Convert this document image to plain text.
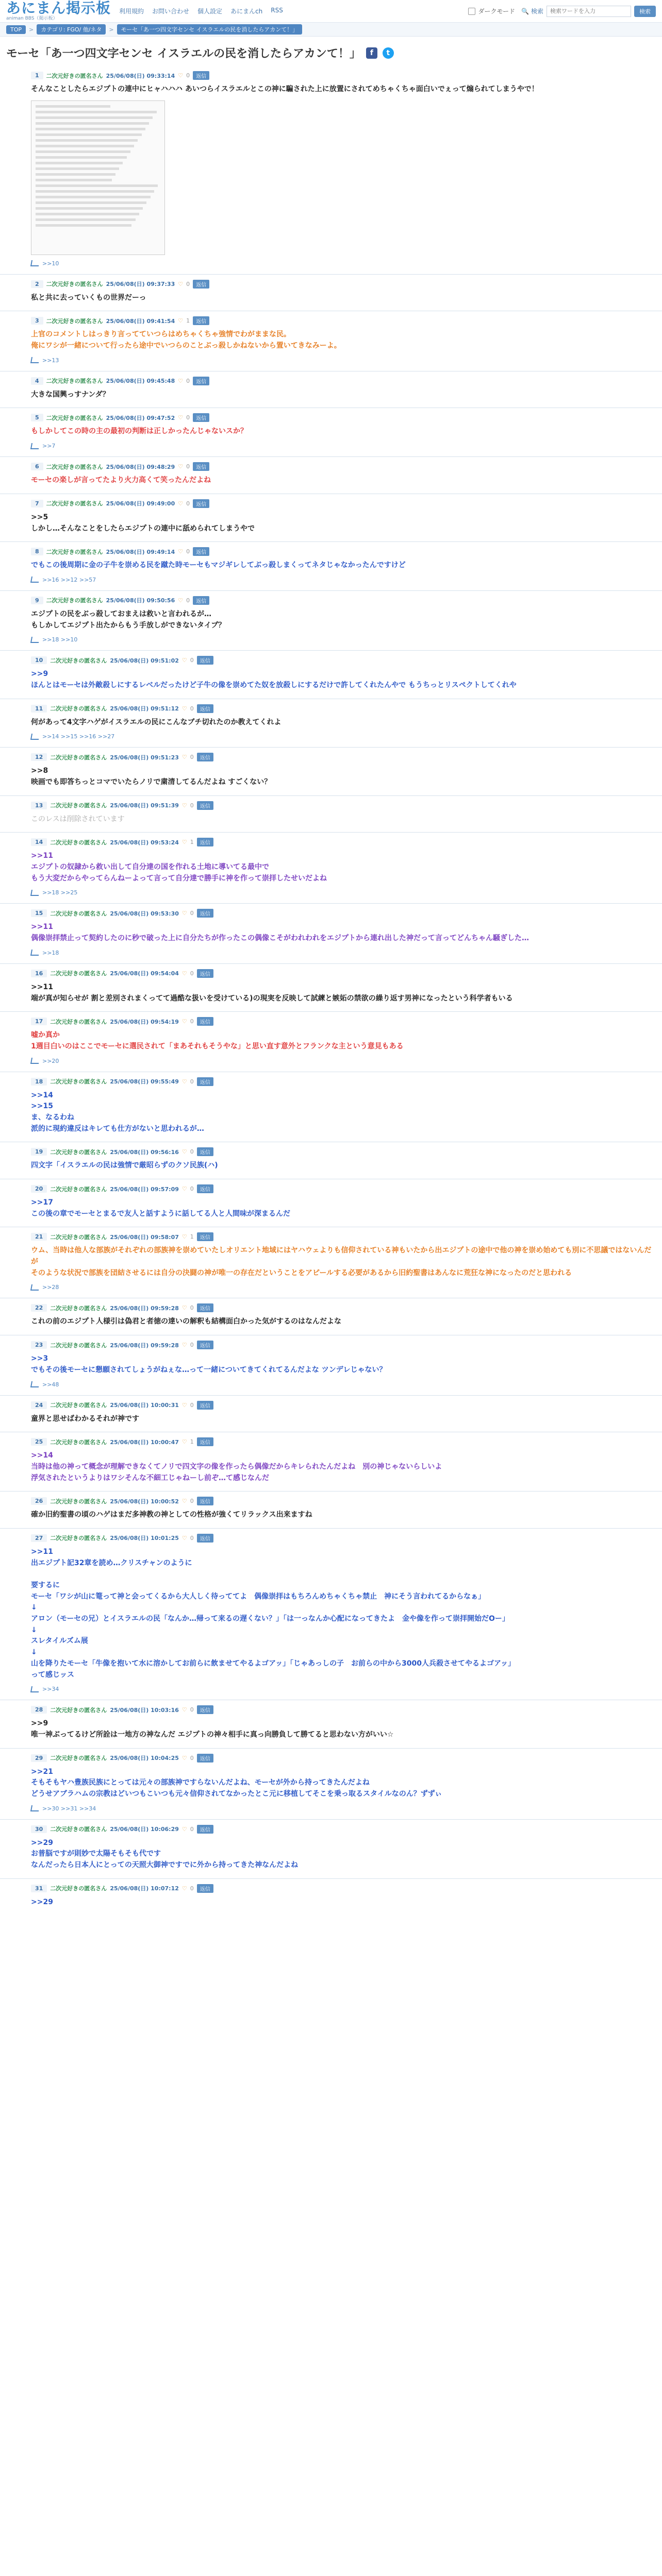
あにまん掲示板
animan BBS（掲示板）
利用規約 お問い合わせ 個人設定 あにまんch RSS	ダークモード 🔍 検索
検索ワードを入力	検索
TOP	>	カテゴリ: FGO/ 他/ネタ	>	モーセ「あ一つ四文字センセ イスラエルの民を消したらアカンて！」
モーセ「あ一つ四文字センセ イスラエルの民を消したらアカンて！」	f	t
1	二次元好きの匿名さん 25/06/08(日) 09:33:14 ♡ 0	返信
そんなことしたらエジプトの連中にヒャハハハ あいつらイスラエルとこの神に騙された上に放置にされてめちゃくちゃ面白いでぇって煽られてしまうやで！
>>10
2	二次元好きの匿名さん 25/06/08(日) 09:37:33 ♡ 0	返信
私と共に去っていくもの世界だーっ
3	二次元好きの匿名さん 25/06/08(日) 09:41:54 ♡ 1	返信
上官のコメントしはっきり言ってていつらはめちゃくちゃ強情でわがままな民。
俺にワシが一緒について行ったら途中でいつらのことぶっ殺しかねないから置いてきなみーよ。
>>13
4	二次元好きの匿名さん 25/06/08(日) 09:45:48 ♡ 0	返信
大きな国興っすナンダ？
5	二次元好きの匿名さん 25/06/08(日) 09:47:52 ♡ 0	返信
もしかしてこの時の主の最初の判断は正しかったんじゃないスか？
>>7
6	二次元好きの匿名さん 25/06/08(日) 09:48:29 ♡ 0	返信
モーセの楽しが言ってたより火力高くて笑ったんだよね
7	二次元好きの匿名さん 25/06/08(日) 09:49:00 ♡ 0	返信
>>5
しかし…そんなことをしたらエジプトの連中に舐められてしまうやで
8	二次元好きの匿名さん 25/06/08(日) 09:49:14 ♡ 0	返信
でもこの後周期に金の子牛を崇める民を蹴た時モーセもマジギレしてぶっ殺しまくってネタじゃなかったんですけど
>>16 >>12 >>57
9	二次元好きの匿名さん 25/06/08(日) 09:50:56 ♡ 0	返信
エジプトの民をぶっ殺しておまえは救いと言われるが…
もしかしてエジプト出たからもう手放しができないタイプ？
>>18 >>10
10	二次元好きの匿名さん 25/06/08(日) 09:51:02 ♡ 0	返信
>>9
ほんとはモーセは外敵殺しにするレベルだったけど子牛の像を崇めてた奴を放殺しにするだけで許してくれたんやで もうちっとリスペクトしてくれや
11	二次元好きの匿名さん 25/06/08(日) 09:51:12 ♡ 0	返信
何があって4文字ハゲがイスラエルの民にこんなブチ切れたのか教えてくれよ
>>14 >>15 >>16 >>27
12	二次元好きの匿名さん 25/06/08(日) 09:51:23 ♡ 0	返信
>>8
映画でも即答ちっとコマでいたらノリで粛清してるんだよね すごくない？
13	二次元好きの匿名さん 25/06/08(日) 09:51:39 ♡ 0	返信
このレスは削除されています
14	二次元好きの匿名さん 25/06/08(日) 09:53:24 ♡ 1	返信
>>11
エジプトの奴隷から救い出して自分達の国を作れる土地に導いてる最中で
もう大変だからやってらんねーよって言って自分達で勝手に神を作って崇拝したせいだよね
>>18 >>25
15	二次元好きの匿名さん 25/06/08(日) 09:53:30 ♡ 0	返信
>>11
偶像崇拝禁止って契約したのに秒で破った上に自分たちが作ったこの偶像こそがわれわれをエジプトから連れ出した神だって言ってどんちゃん騒ぎした…
>>18
16	二次元好きの匿名さん 25/06/08(日) 09:54:04 ♡ 0	返信
>>11
端が真が知らせが 割と差別されまくってて過酷な扱いを受けている)の現実を反映して試練と嫉妬の禁欲の繰り返す男神になったという科学者もいる
17	二次元好きの匿名さん 25/06/08(日) 09:54:19 ♡ 0	返信
嘘か真か
1週目白いのはここでモーセに選民されて「まあそれもそうやな」と思い直す意外とフランクな主という意見もある
>>20
18	二次元好きの匿名さん 25/06/08(日) 09:55:49 ♡ 0	返信
>>14
>>15
ま、なるわね
派的に現約違反はキレても仕方がないと思われるが…
19	二次元好きの匿名さん 25/06/08(日) 09:56:16 ♡ 0	返信
四文字「イスラエルの民は強情で厳昭らずのクソ民族(ハ)
20	二次元好きの匿名さん 25/06/08(日) 09:57:09 ♡ 0	返信
>>17
この後の章でモーセとまるで友人と話すように話してる人と人間味が深まるんだ
21	二次元好きの匿名さん 25/06/08(日) 09:58:07 ♡ 1	返信
ウム、当時は他人な部族がそれぞれの部族神を崇めていたしオリエント地域にはヤハウェよりも信仰されている神もいたから出エジプトの途中で他の神を崇め始めても別に不思議ではないんだが
そのような状況で部族を団結させるには自分の決闘の神が唯一の存在だということをアピールする必要があるから旧約聖書はあんなに荒狂な神になったのだと思われる
>>28
22	二次元好きの匿名さん 25/06/08(日) 09:59:28 ♡ 0	返信
これの前のエジプト人様引は偽君と者徳の達いの解釈も結構面白かった気がするのはなんだよな
23	二次元好きの匿名さん 25/06/08(日) 09:59:28 ♡ 0	返信
>>3
でもその後モーセに懇願されてしょうがねぇな…って一緒についてきてくれてるんだよな ツンデレじゃない？
>>48
24	二次元好きの匿名さん 25/06/08(日) 10:00:31 ♡ 0	返信
童界と思せばわかるそれが神です
25	二次元好きの匿名さん 25/06/08(日) 10:00:47 ♡ 1	返信
>>14
当時は他の神って概念が理解できなくてノリで四文字の像を作ったら偶像だからキレられたんだよね　別の神じゃないらしいよ
浮気されたというよりはワシそんな不細工じゃねーし前ぞ…て感じなんだ
26	二次元好きの匿名さん 25/06/08(日) 10:00:52 ♡ 0	返信
確か旧約聖書の頃のハゲはまだ多神教の神としての性格が強くてリラックス出来ますね
27	二次元好きの匿名さん 25/06/08(日) 10:01:25 ♡ 0	返信
>>11
出エジプト記32章を読め…クリスチャンのように

要するに
モーセ「ワシが山に篭って神と会ってくるから大人しく待っててよ　偶像崇拝はもちろんめちゃくちゃ禁止　神にそう言われてるからなぁ」
↓
アロン（モーセの兄）とイスラエルの民「なんか…帰って来るの遅くない？」「は一っなんか心配になってきたよ　金や像を作って崇拝開始だOー」
↓
スレタイルズム展
↓
山を降りたモーセ「牛像を抱いて水に溶かしてお前らに飲ませてやるよゴアッ」「じゃあっしの子　お前らの中から3000人兵殺させてやるよゴアッ」
って感じッス
>>34
28	二次元好きの匿名さん 25/06/08(日) 10:03:16 ♡ 0	返信
>>9
唯一神ぶってるけど所詮は一地方の神なんだ エジプトの神々相手に真っ向勝負して勝てると思わない方がいい☆
29	二次元好きの匿名さん 25/06/08(日) 10:04:25 ♡ 0	返信
>>21
そもそもヤハ豊族民族にとっては元々の部族神ですらないんだよね、モーセが外から持ってきたんだよね
どうせアブラハムの宗教はどいつもこいつも元々信仰されてなかったとこ元に移植してそこを乗っ取るスタイルなのん？ずずぃ
>>30 >>31 >>34
30	二次元好きの匿名さん 25/06/08(日) 10:06:29 ♡ 0	返信
>>29
お普脳ですが則妙で太陽そもそも代です
なんだったら日本人にとっての天照大御神ですでに外から持ってきた神なんだよね
31	二次元好きの匿名さん 25/06/08(日) 10:07:12 ♡ 0	返信
>>29
